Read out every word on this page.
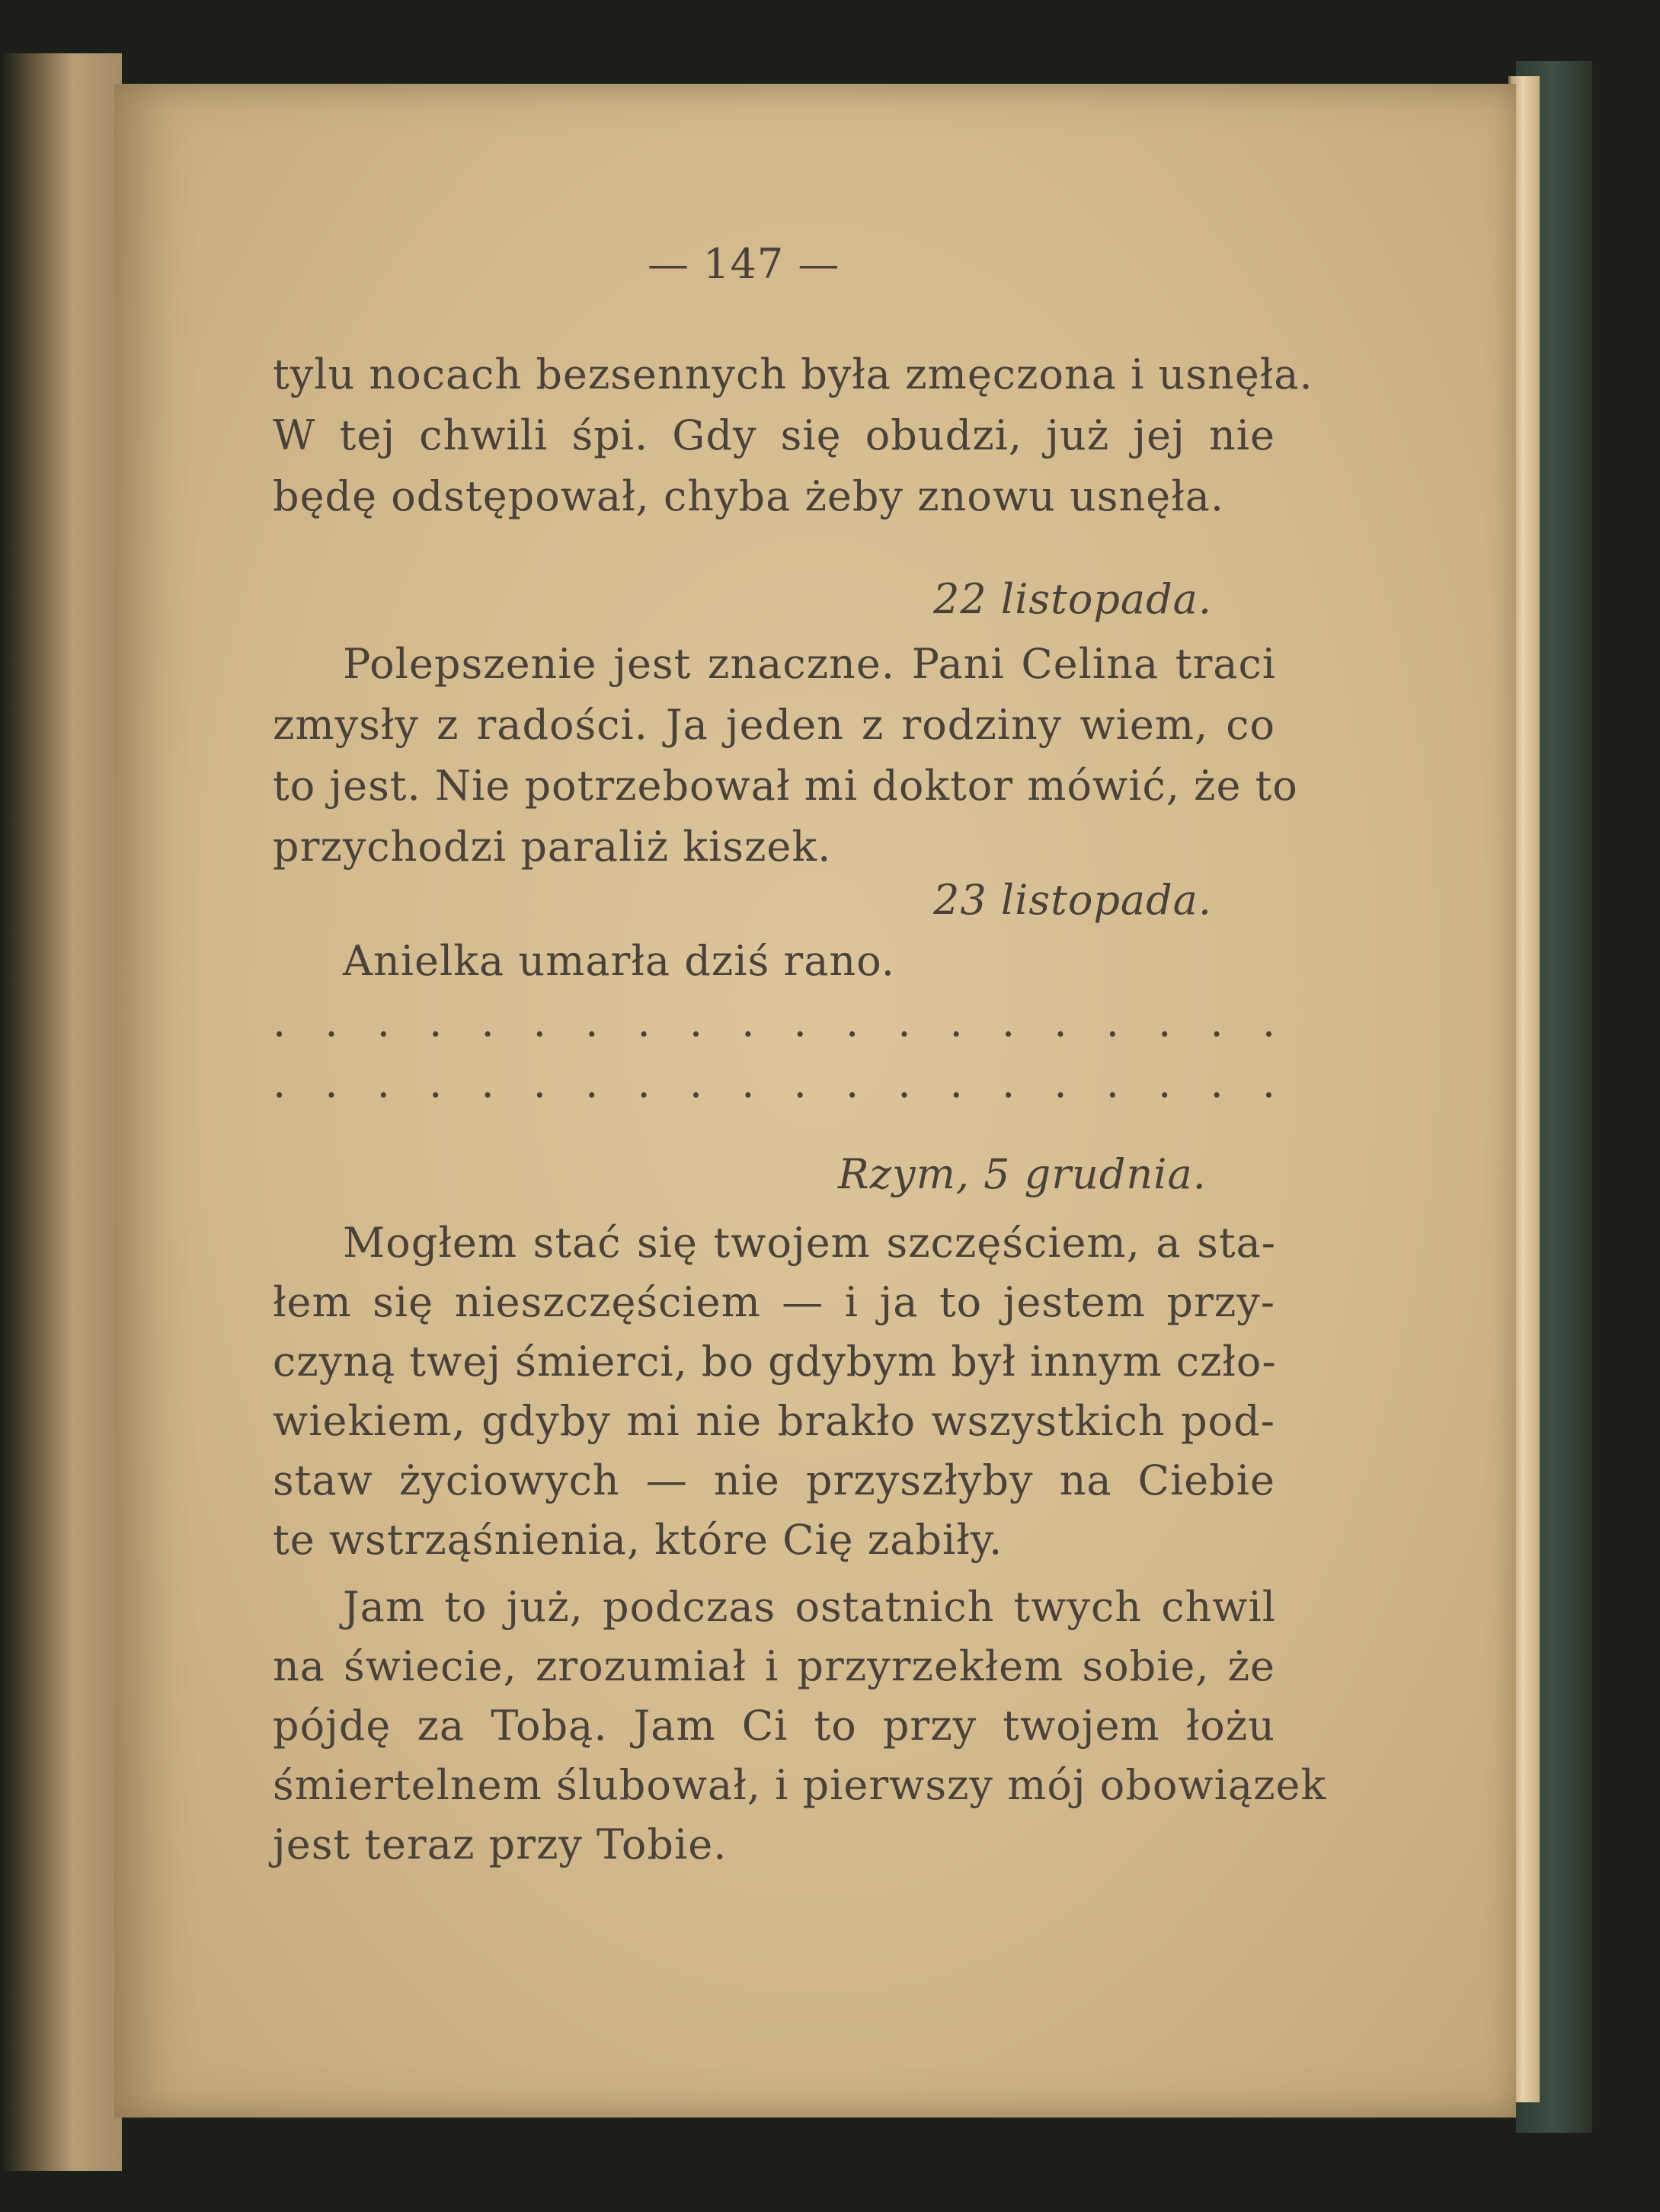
— 147 —
tylu nocach bezsennych była zmęczona i usnęła.
W tej chwili śpi. Gdy się obudzi, już jej nie
będę odstępował, chyba żeby znowu usnęła.
22 listopada.
Polepszenie jest znaczne. Pani Celina traci
zmysły z radości. Ja jeden z rodziny wiem, co
to jest. Nie potrzebował mi doktor mówić, że to
przychodzi paraliż kiszek.
23 listopada.
Anielka umarła dziś rano.
. . . . . . . . . . . . . . . . . . . .
. . . . . . . . . . . . . . . . . . . .
Rzym, 5 grudnia.
Mogłem stać się twojem szczęściem, a sta-
łem się nieszczęściem — i ja to jestem przy-
czyną twej śmierci, bo gdybym był innym czło-
wiekiem, gdyby mi nie brakło wszystkich pod-
staw życiowych — nie przyszłyby na Ciebie
te wstrząśnienia, które Cię zabiły.
Jam to już, podczas ostatnich twych chwil
na świecie, zrozumiał i przyrzekłem sobie, że
pójdę za Tobą. Jam Ci to przy twojem łożu
śmiertelnem ślubował, i pierwszy mój obowiązek
jest teraz przy Tobie.
